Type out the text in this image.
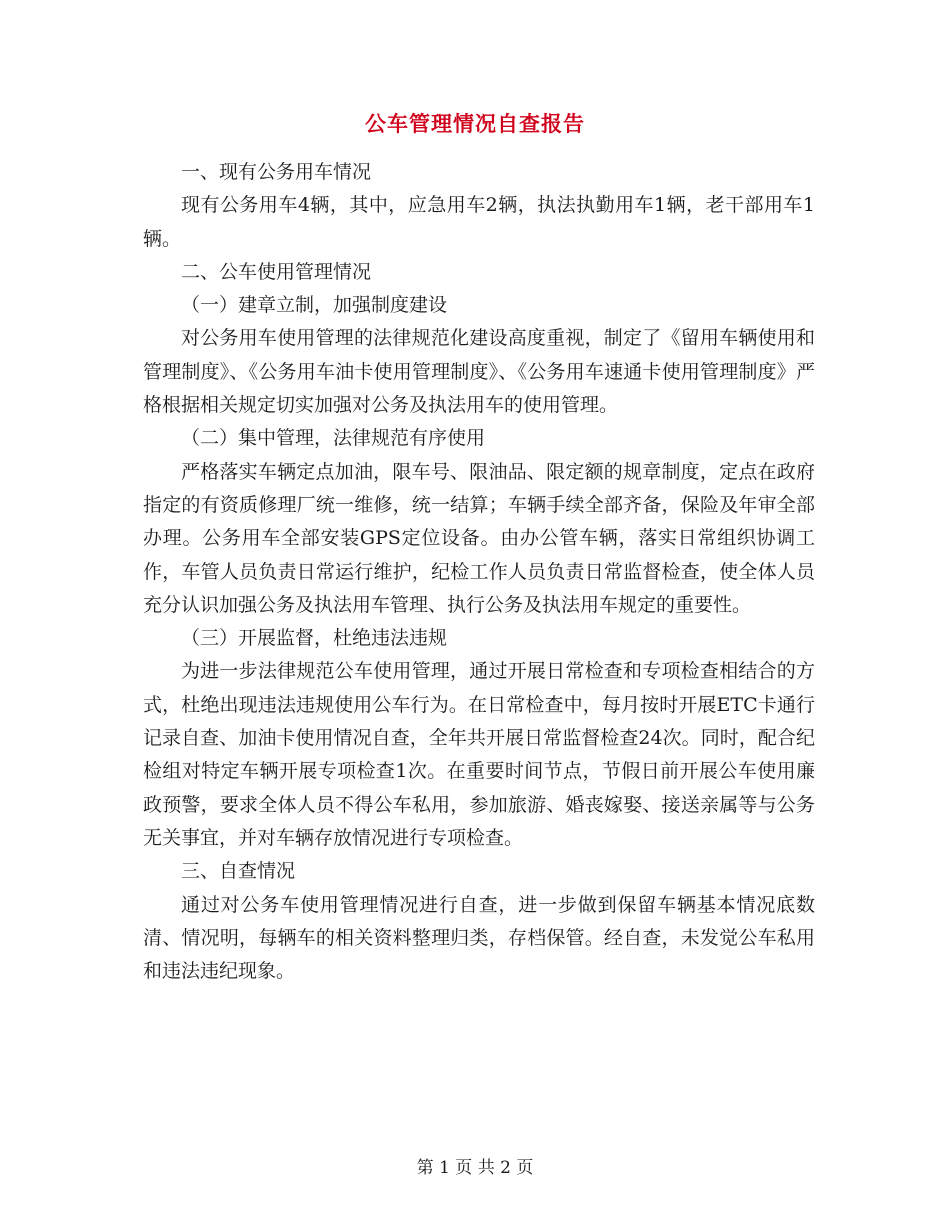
公车管理情况自查报告

一、现有公务用车情况

现有公务用车4辆，其中，应急用车2辆，执法执勤用车1辆，老干部用车1辆。

二、公车使用管理情况

（一）建章立制，加强制度建设

对公务用车使用管理的法律规范化建设高度重视，制定了《留用车辆使用和管理制度》、《公务用车油卡使用管理制度》、《公务用车速通卡使用管理制度》严格根据相关规定切实加强对公务及执法用车的使用管理。

（二）集中管理，法律规范有序使用

严格落实车辆定点加油，限车号、限油品、限定额的规章制度，定点在政府指定的有资质修理厂统一维修，统一结算；车辆手续全部齐备，保险及年审全部办理。公务用车全部安装GPS定位设备。由办公管车辆，落实日常组织协调工作，车管人员负责日常运行维护，纪检工作人员负责日常监督检查，使全体人员充分认识加强公务及执法用车管理、执行公务及执法用车规定的重要性。

（三）开展监督，杜绝违法违规

为进一步法律规范公车使用管理，通过开展日常检查和专项检查相结合的方式，杜绝出现违法违规使用公车行为。在日常检查中，每月按时开展ETC卡通行记录自查、加油卡使用情况自查，全年共开展日常监督检查24次。同时，配合纪检组对特定车辆开展专项检查1次。在重要时间节点，节假日前开展公车使用廉政预警，要求全体人员不得公车私用，参加旅游、婚丧嫁娶、接送亲属等与公务无关事宜，并对车辆存放情况进行专项检查。

三、自查情况

通过对公务车使用管理情况进行自查，进一步做到保留车辆基本情况底数清、情况明，每辆车的相关资料整理归类，存档保管。经自查，未发觉公车私用和违法违纪现象。

第 1 页 共 2 页
